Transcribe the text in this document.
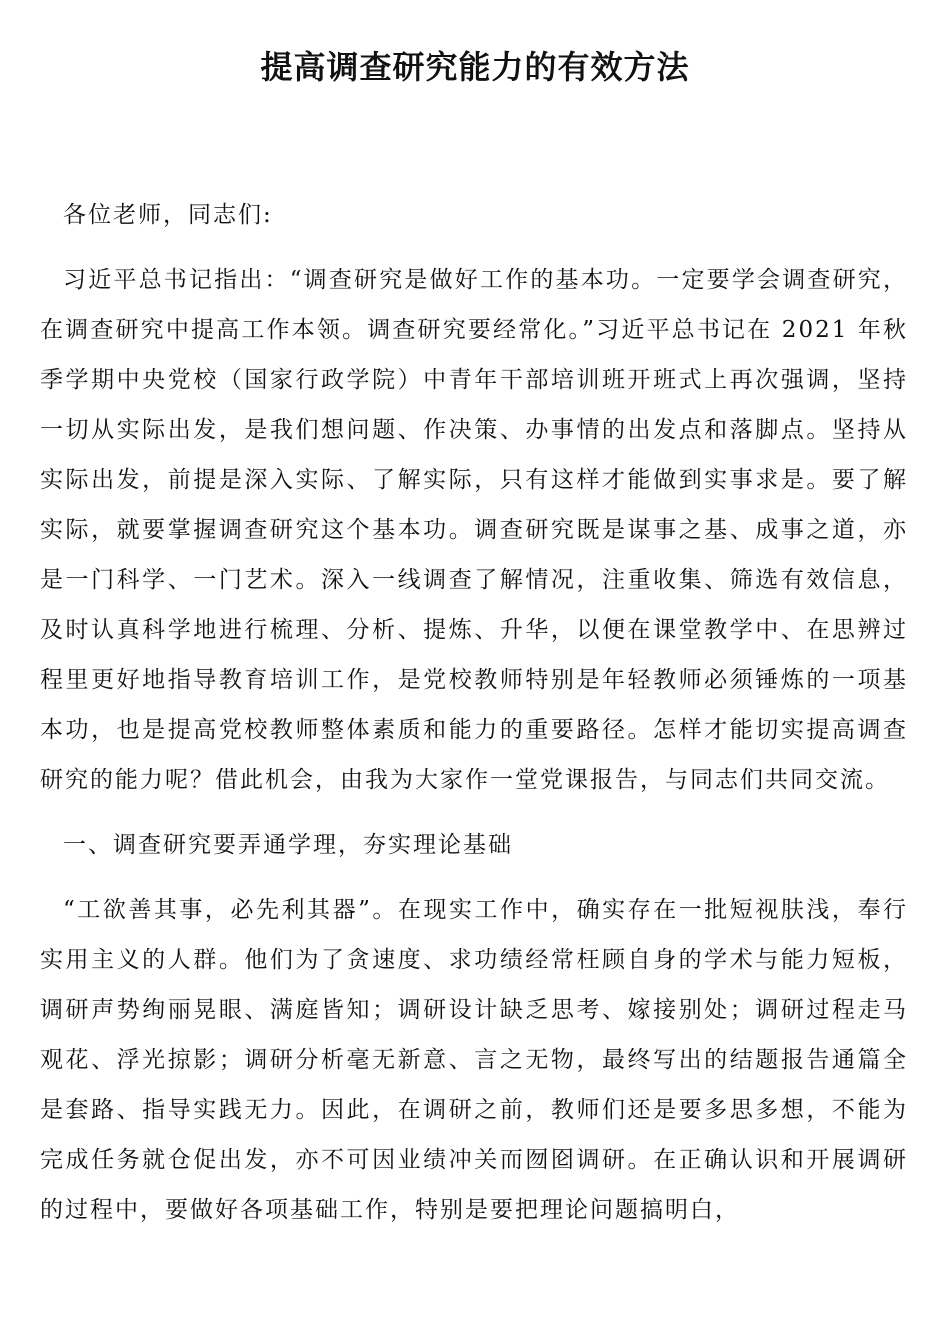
提高调查研究能力的有效方法

各位老师，同志们:

习近平总书记指出：“调查研究是做好工作的基本功。一定要学会调查研究，在调查研究中提高工作本领。调查研究要经常化。”习近平总书记在 2021 年秋季学期中央党校（国家行政学院）中青年干部培训班开班式上再次强调，坚持一切从实际出发，是我们想问题、作决策、办事情的出发点和落脚点。坚持从实际出发，前提是深入实际、了解实际，只有这样才能做到实事求是。要了解实际，就要掌握调查研究这个基本功。调查研究既是谋事之基、成事之道，亦是一门科学、一门艺术。深入一线调查了解情况，注重收集、筛选有效信息，及时认真科学地进行梳理、分析、提炼、升华，以便在课堂教学中、在思辨过程里更好地指导教育培训工作，是党校教师特别是年轻教师必须锤炼的一项基本功，也是提高党校教师整体素质和能力的重要路径。怎样才能切实提高调查研究的能力呢？借此机会，由我为大家作一堂党课报告，与同志们共同交流。

一、调查研究要弄通学理，夯实理论基础

“工欲善其事，必先利其器”。在现实工作中，确实存在一批短视肤浅，奉行实用主义的人群。他们为了贪速度、求功绩经常枉顾自身的学术与能力短板，调研声势绚丽晃眼、满庭皆知；调研设计缺乏思考、嫁接别处；调研过程走马观花、浮光掠影；调研分析毫无新意、言之无物，最终写出的结题报告通篇全是套路、指导实践无力。因此，在调研之前，教师们还是要多思多想，不能为完成任务就仓促出发，亦不可因业绩冲关而囫囵调研。在正确认识和开展调研的过程中，要做好各项基础工作，特别是要把理论问题搞明白，
